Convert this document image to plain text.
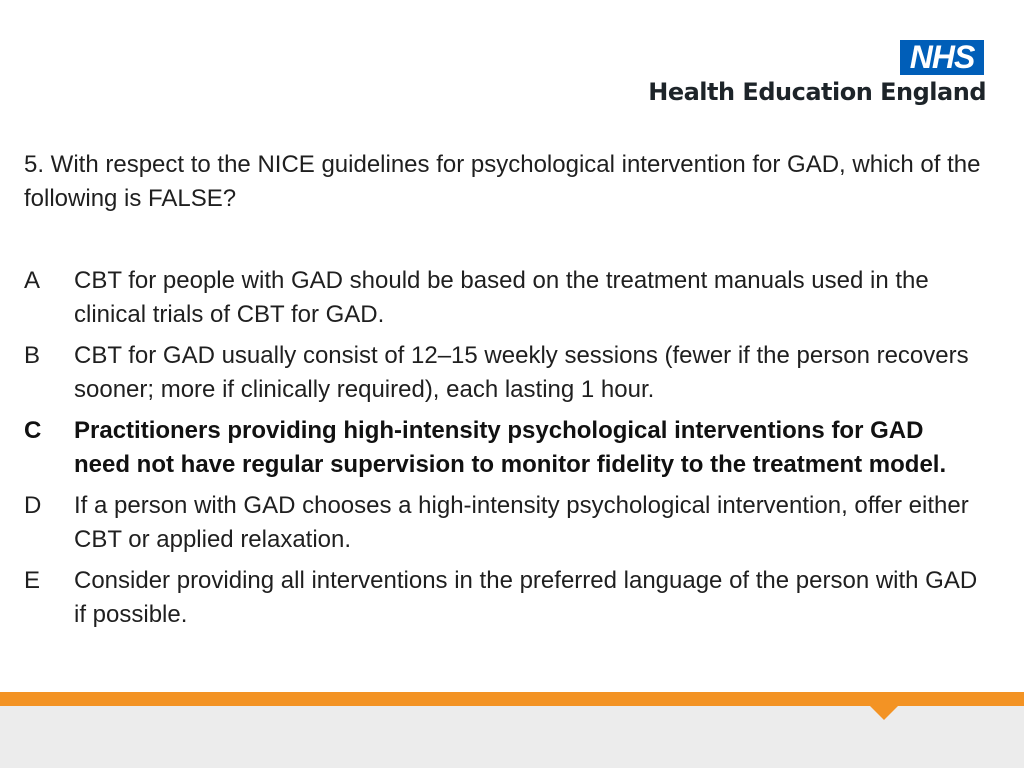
NHS
Health Education England
5. With respect to the NICE guidelines for psychological intervention for GAD, which of the following is FALSE?
A	CBT for people with GAD should be based on the treatment manuals used in the clinical trials of CBT for GAD.
B	CBT for GAD usually consist of 12–15 weekly sessions (fewer if the person recovers sooner; more if clinically required), each lasting 1 hour.
C	Practitioners providing high-intensity psychological interventions for GAD need not have regular supervision to monitor fidelity to the treatment model.
D	If a person with GAD chooses a high-intensity psychological intervention, offer either CBT or applied relaxation.
E	Consider providing all interventions in the preferred language of the person with GAD if possible.
